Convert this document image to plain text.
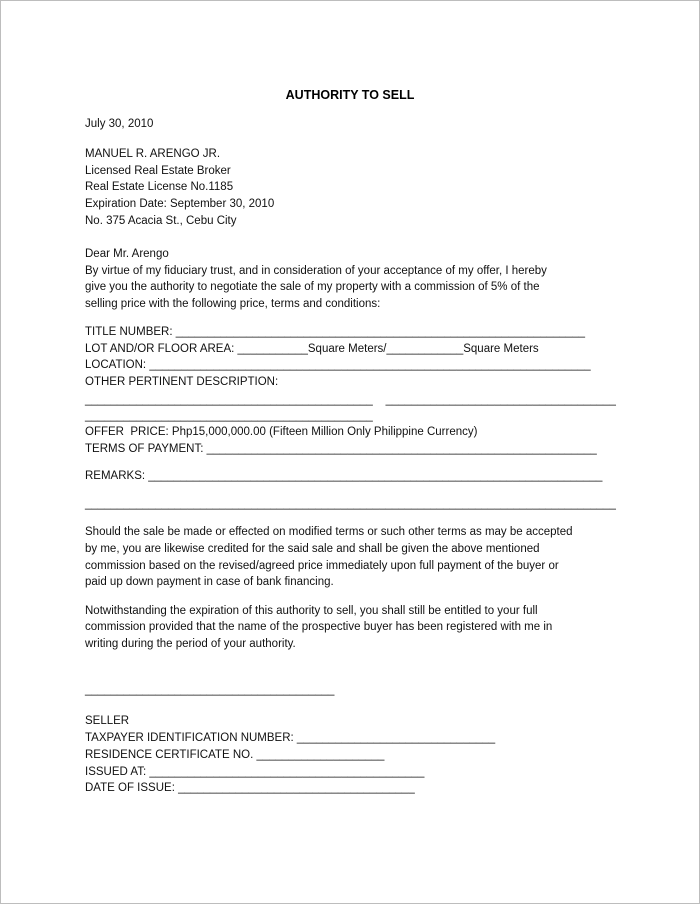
AUTHORITY TO SELL
July 30, 2010
MANUEL R. ARENGO JR.
Licensed Real Estate Broker
Real Estate License No.1185
Expiration Date: September 30, 2010
No. 375 Acacia St., Cebu City
Dear Mr. Arengo
By virtue of my fiduciary trust, and in consideration of your acceptance of my offer, I hereby
give you the authority to negotiate the sale of my property with a commission of 5% of the
selling price with the following price, terms and conditions:
TITLE NUMBER: ________________________________________________________________
LOT AND/OR FLOOR AREA: ___________Square Meters/____________Square Meters
LOCATION: _____________________________________________________________________
OTHER PERTINENT DESCRIPTION:
_____________________________________________    ____________________________________
_____________________________________________
OFFER  PRICE: Php15,000,000.00 (Fifteen Million Only Philippine Currency)
TERMS OF PAYMENT: _____________________________________________________________
REMARKS: _______________________________________________________________________
___________________________________________________________________________________
Should the sale be made or effected on modified terms or such other terms as may be accepted
by me, you are likewise credited for the said sale and shall be given the above mentioned
commission based on the revised/agreed price immediately upon full payment of the buyer or
paid up down payment in case of bank financing.
Notwithstanding the expiration of this authority to sell, you shall still be entitled to your full
commission provided that the name of the prospective buyer has been registered with me in
writing during the period of your authority.
_______________________________________
SELLER
TAXPAYER IDENTIFICATION NUMBER: _______________________________
RESIDENCE CERTIFICATE NO. ____________________
ISSUED AT: ___________________________________________
DATE OF ISSUE: _____________________________________
